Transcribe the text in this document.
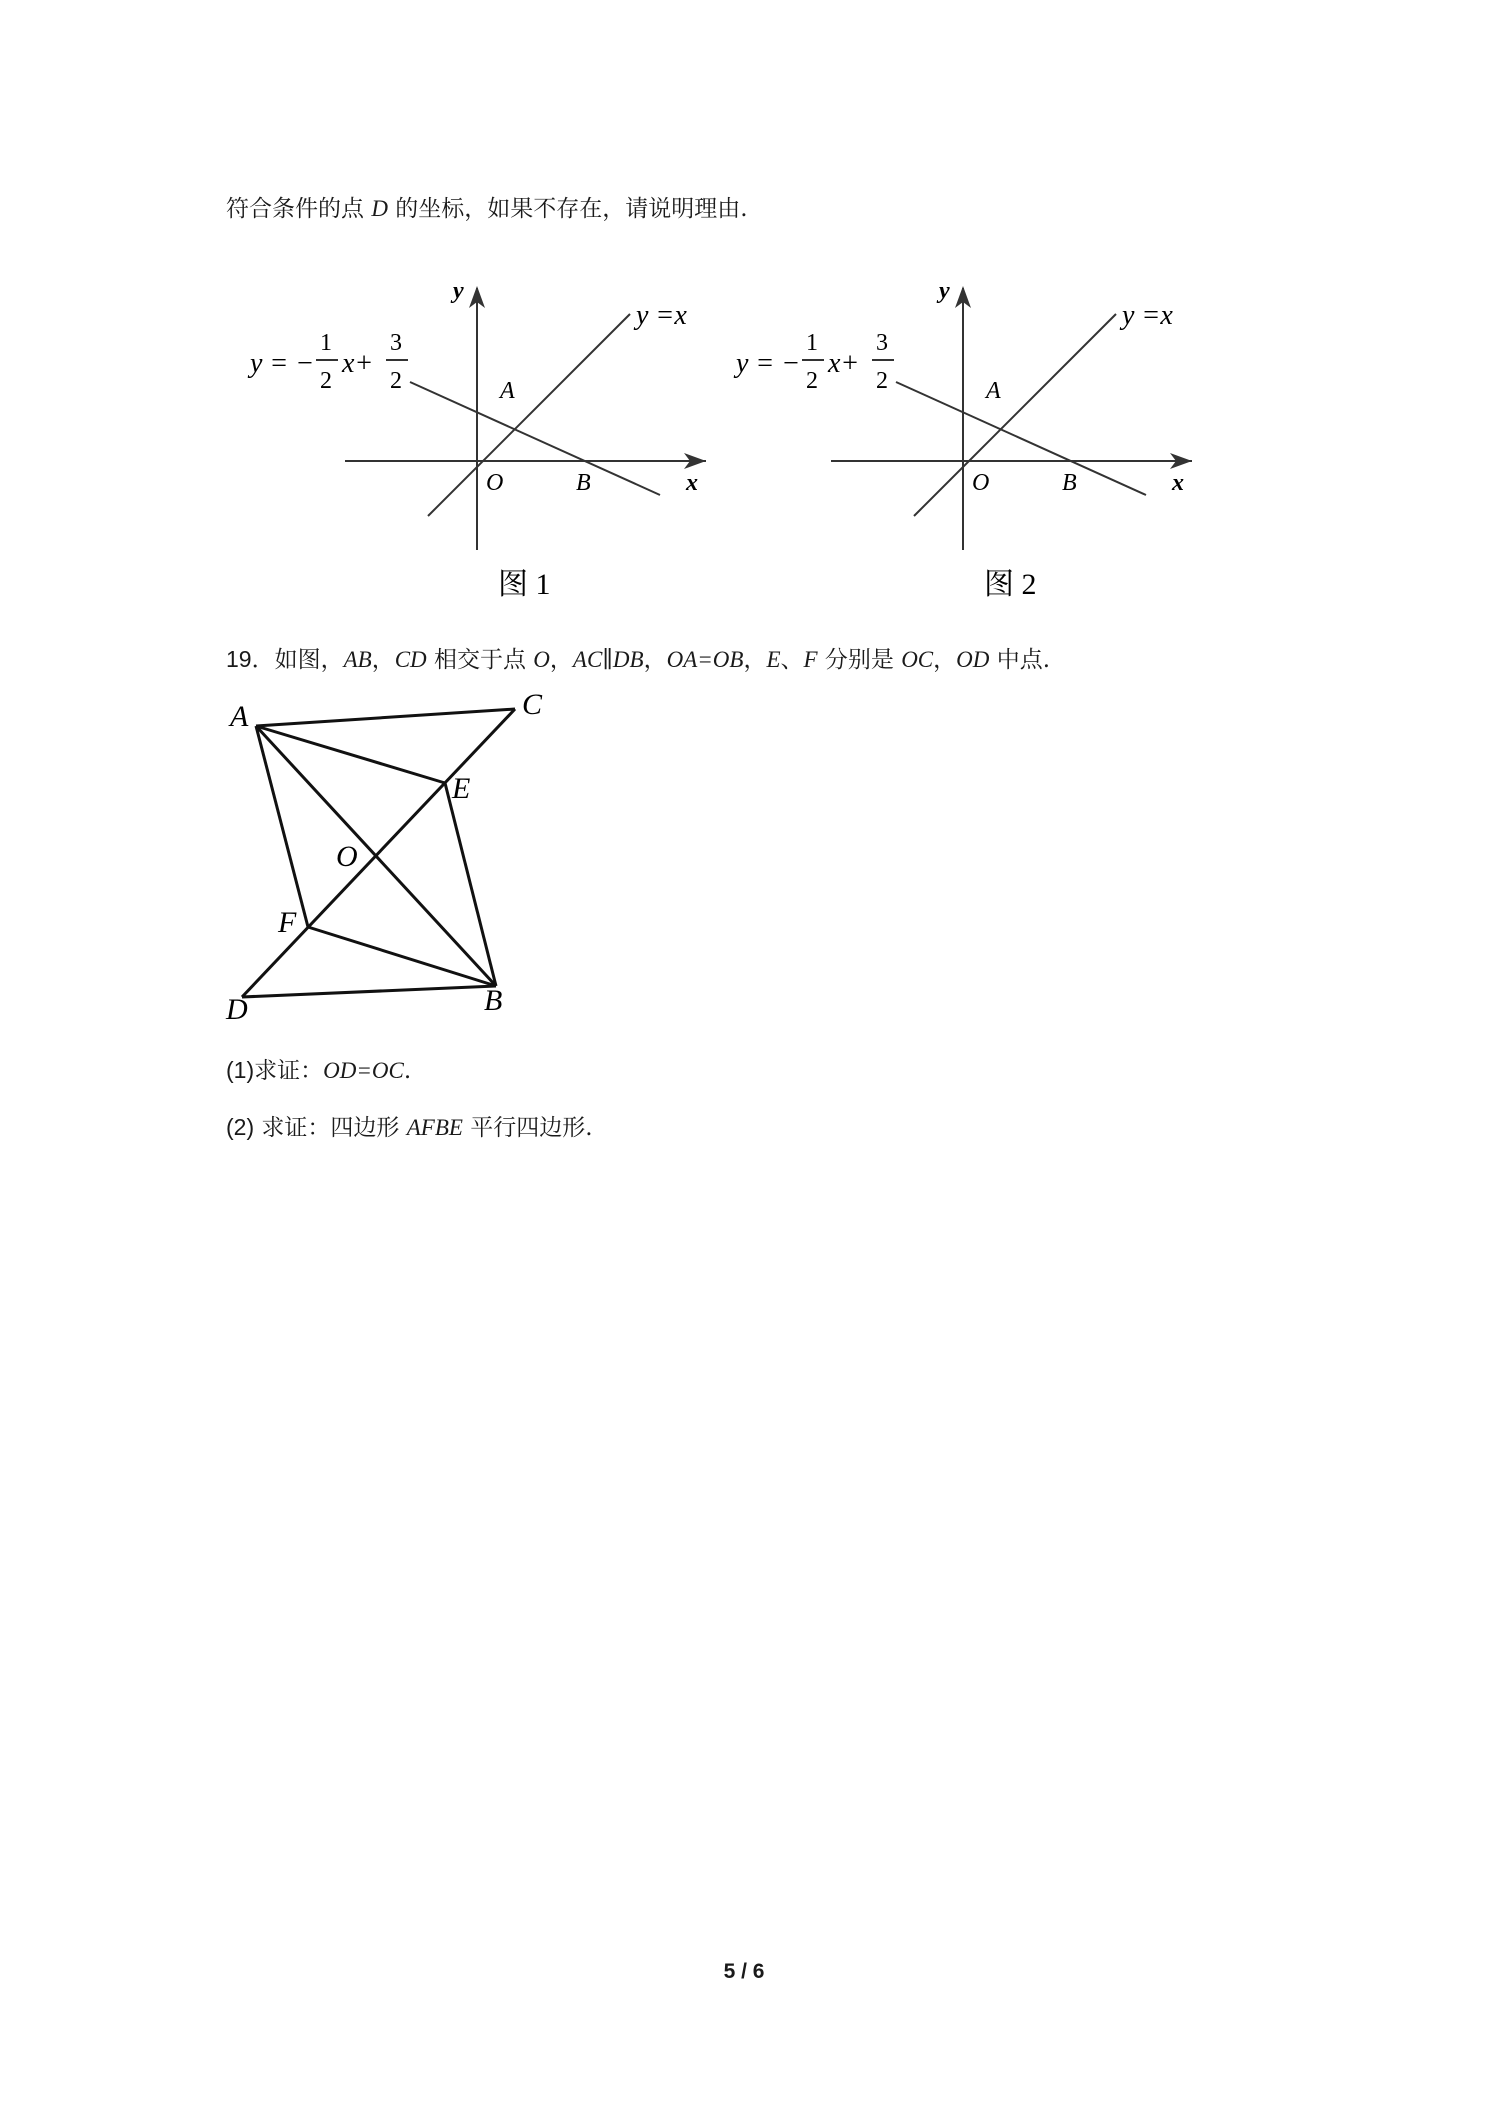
符合条件的点 D 的坐标，如果不存在，请说明理由.
y
x
y =x
y = −
1
2
x+
3
2	A
O	B
图 1
y
x
y =x
y = −
1
2
x+
3
2	A
O	B
图 2
19．如图，AB，CD 相交于点 O，AC∥DB，OA=OB，E、F 分别是 OC，OD 中点.
A	C
E
O
F
D	B
(1)求证：OD=OC.
(2) 求证：四边形 AFBE 平行四边形.
5 / 6
